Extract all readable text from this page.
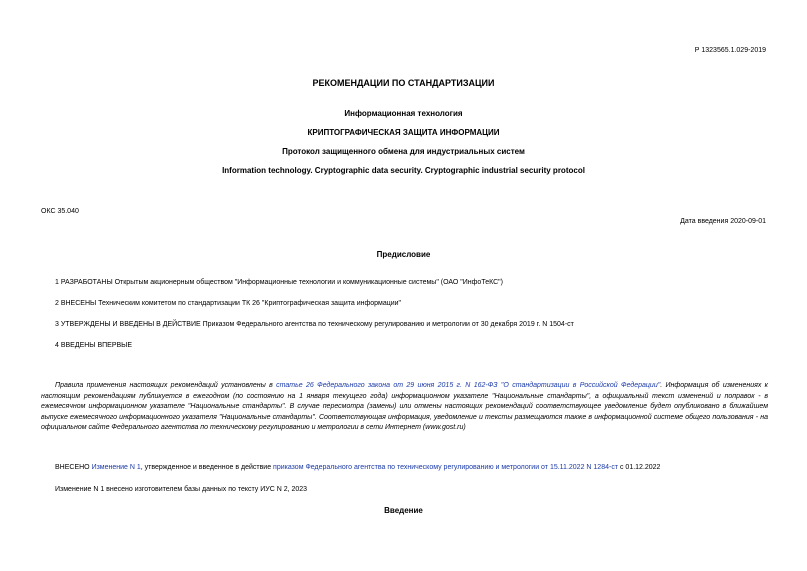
Р 1323565.1.029-2019
РЕКОМЕНДАЦИИ ПО СТАНДАРТИЗАЦИИ
Информационная технология
КРИПТОГРАФИЧЕСКАЯ ЗАЩИТА ИНФОРМАЦИИ
Протокол защищенного обмена для индустриальных систем
Information technology. Cryptographic data security. Cryptographic industrial security protocol
ОКС 35.040
Дата введения 2020-09-01
Предисловие
1 РАЗРАБОТАНЫ Открытым акционерным обществом "Информационные технологии и коммуникационные системы" (ОАО "ИнфоТеКС")
2 ВНЕСЕНЫ Техническим комитетом по стандартизации ТК 26 "Криптографическая защита информации"
3 УТВЕРЖДЕНЫ И ВВЕДЕНЫ В ДЕЙСТВИЕ Приказом Федерального агентства по техническому регулированию и метрологии от 30 декабря 2019 г. N 1504-ст
4 ВВЕДЕНЫ ВПЕРВЫЕ
Правила применения настоящих рекомендаций установлены в статье 26 Федерального закона от 29 июня 2015 г. N 162-ФЗ "О стандартизации в Российской Федерации". Информация об изменениях к настоящим рекомендациям публикуется в ежегодном (по состоянию на 1 января текущего года) информационном указателе "Национальные стандарты", а официальный текст изменений и поправок - в ежемесячном информационном указателе "Национальные стандарты". В случае пересмотра (замены) или отмены настоящих рекомендаций соответствующее уведомление будет опубликовано в ближайшем выпуске ежемесячного информационного указателя "Национальные стандарты". Соответствующая информация, уведомление и тексты размещаются также в информационной системе общего пользования - на официальном сайте Федерального агентства по техническому регулированию и метрологии в сети Интернет (www.gost.ru)
ВНЕСЕНО Изменение N 1, утвержденное и введенное в действие приказом Федерального агентства по техническому регулированию и метрологии от 15.11.2022 N 1284-ст с 01.12.2022
Изменение N 1 внесено изготовителем базы данных по тексту ИУС N 2, 2023
Введение
